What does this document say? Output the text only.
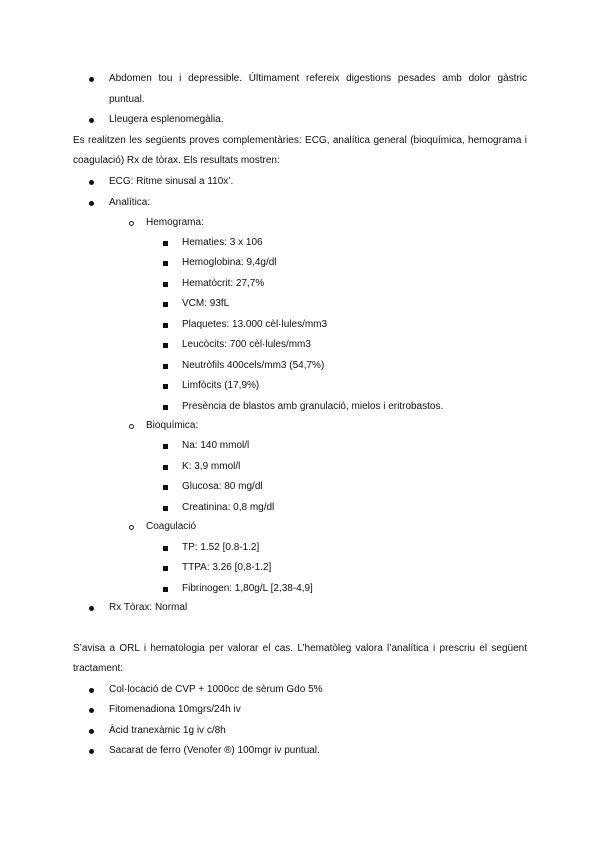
Abdomen tou i depressible. Últimament refereix digestions pesades amb dolor gàstric
puntual.
Lleugera esplenomegàlia.
Es realitzen les següents proves complementàries: ECG, analítica general (bioquímica, hemograma i
coagulació) Rx de tòrax. Els resultats mostren:
ECG: Ritme sinusal a 110x’.
Analítica:
Hemograma:
Hematies: 3 x 106
Hemoglobina: 9,4g/dl
Hematòcrit: 27,7%
VCM: 93fL
Plaquetes: 13.000 cèl·lules/mm3
Leucòcits: 700 cèl·lules/mm3
Neutròfils 400cels/mm3 (54,7%)
Limfòcits (17,9%)
Presència de blastos amb granulació, mielos i eritrobastos.
Bioquímica:
Na: 140 mmol/l
K: 3,9 mmol/l
Glucosa: 80 mg/dl
Creatinina: 0,8 mg/dl
Coagulació
TP: 1.52 [0.8-1.2]
TTPA: 3.26 [0,8-1.2]
Fibrinogen: 1,80g/L [2,38-4,9]
Rx Tòrax: Normal
S’avisa a ORL i hematologia per valorar el cas. L’hematòleg valora l’analítica i prescriu el següent
tractament:
Col·locació de CVP + 1000cc de sèrum Gdo 5%
Fitomenadiona 10mgrs/24h iv
Àcid tranexàmic 1g iv c/8h
Sacarat de ferro (Venofer ®) 100mgr iv puntual.
